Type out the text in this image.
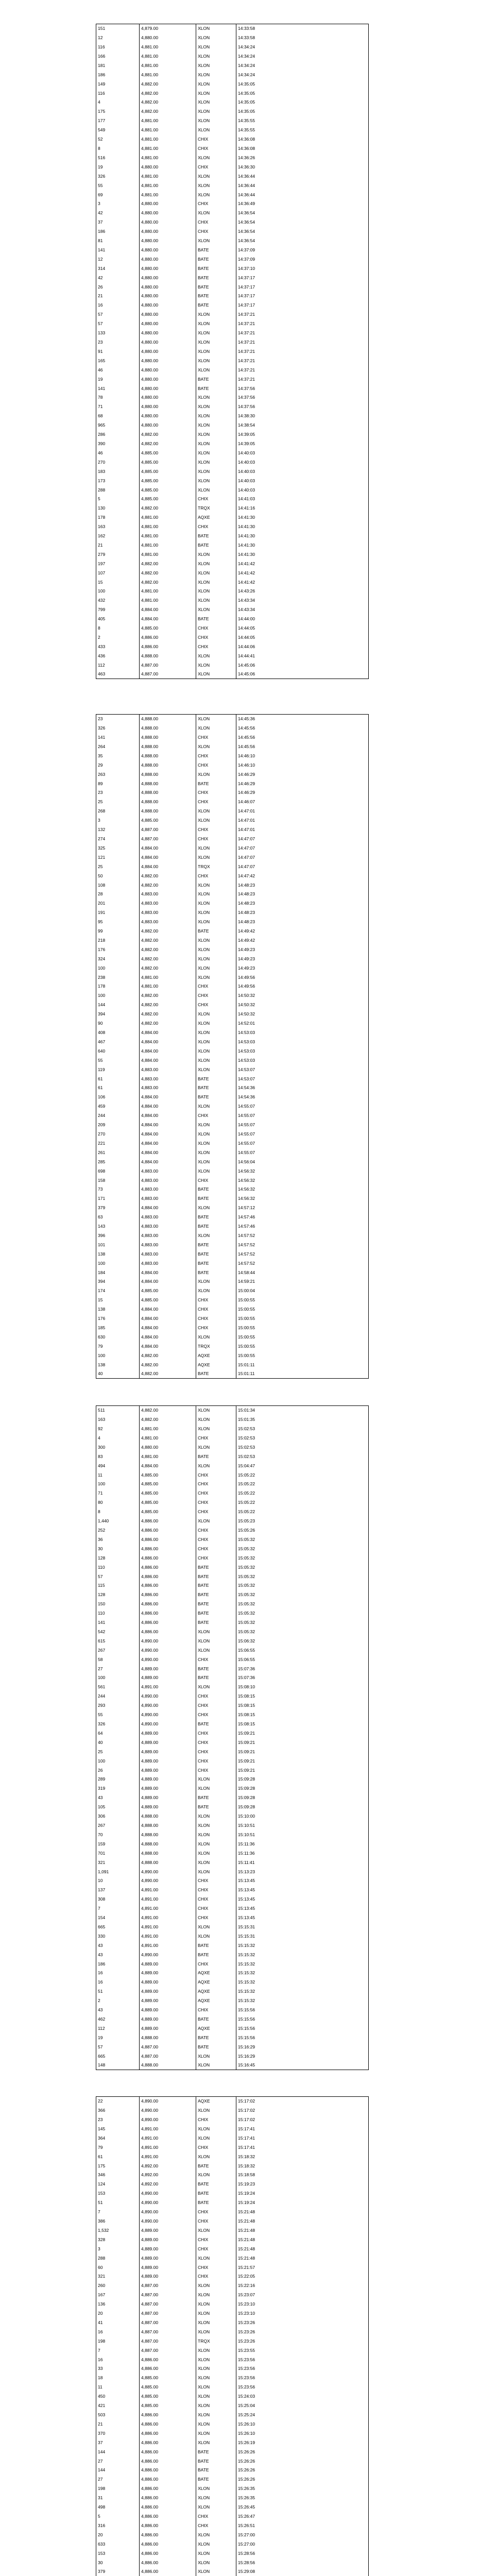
151	4,879.00	XLON	14:33:58
12	4,880.00	XLON	14:33:58
116	4,881.00	XLON	14:34:24
166	4,881.00	XLON	14:34:24
181	4,881.00	XLON	14:34:24
186	4,881.00	XLON	14:34:24
149	4,882.00	XLON	14:35:05
116	4,882.00	XLON	14:35:05
4	4,882.00	XLON	14:35:05
175	4,882.00	XLON	14:35:05
177	4,881.00	XLON	14:35:55
549	4,881.00	XLON	14:35:55
52	4,881.00	CHIX	14:36:08
8	4,881.00	CHIX	14:36:08
516	4,881.00	XLON	14:36:26
19	4,880.00	CHIX	14:36:30
326	4,881.00	XLON	14:36:44
55	4,881.00	XLON	14:36:44
69	4,881.00	XLON	14:36:44
3	4,880.00	CHIX	14:36:49
42	4,880.00	XLON	14:36:54
37	4,880.00	CHIX	14:36:54
186	4,880.00	CHIX	14:36:54
81	4,880.00	XLON	14:36:54
141	4,880.00	BATE	14:37:09
12	4,880.00	BATE	14:37:09
314	4,880.00	BATE	14:37:10
42	4,880.00	BATE	14:37:17
26	4,880.00	BATE	14:37:17
21	4,880.00	BATE	14:37:17
16	4,880.00	BATE	14:37:17
57	4,880.00	XLON	14:37:21
57	4,880.00	XLON	14:37:21
133	4,880.00	XLON	14:37:21
23	4,880.00	XLON	14:37:21
91	4,880.00	XLON	14:37:21
165	4,880.00	XLON	14:37:21
46	4,880.00	XLON	14:37:21
19	4,880.00	BATE	14:37:21
141	4,880.00	BATE	14:37:56
78	4,880.00	XLON	14:37:56
71	4,880.00	XLON	14:37:56
68	4,880.00	XLON	14:38:30
965	4,880.00	XLON	14:38:54
286	4,882.00	XLON	14:39:05
390	4,882.00	XLON	14:39:05
46	4,885.00	XLON	14:40:03
270	4,885.00	XLON	14:40:03
183	4,885.00	XLON	14:40:03
173	4,885.00	XLON	14:40:03
288	4,885.00	XLON	14:40:03
5	4,885.00	CHIX	14:41:03
130	4,882.00	TRQX	14:41:16
178	4,881.00	AQXE	14:41:30
163	4,881.00	CHIX	14:41:30
162	4,881.00	BATE	14:41:30
21	4,881.00	BATE	14:41:30
279	4,881.00	XLON	14:41:30
197	4,882.00	XLON	14:41:42
107	4,882.00	XLON	14:41:42
15	4,882.00	XLON	14:41:42
100	4,881.00	XLON	14:43:26
432	4,881.00	XLON	14:43:34
799	4,884.00	XLON	14:43:34
405	4,884.00	BATE	14:44:00
8	4,885.00	CHIX	14:44:05
2	4,886.00	CHIX	14:44:05
433	4,886.00	CHIX	14:44:06
436	4,888.00	XLON	14:44:41
112	4,887.00	XLON	14:45:06
463	4,887.00	XLON	14:45:06
23	4,888.00	XLON	14:45:36
326	4,888.00	XLON	14:45:56
141	4,888.00	CHIX	14:45:56
264	4,888.00	XLON	14:45:56
35	4,888.00	CHIX	14:46:10
29	4,888.00	CHIX	14:46:10
263	4,888.00	XLON	14:46:29
89	4,888.00	BATE	14:46:29
23	4,888.00	CHIX	14:46:29
25	4,888.00	CHIX	14:46:07
268	4,888.00	XLON	14:47:01
3	4,885.00	XLON	14:47:01
132	4,887.00	CHIX	14:47:01
274	4,887.00	CHIX	14:47:07
325	4,884.00	XLON	14:47:07
121	4,884.00	XLON	14:47:07
25	4,884.00	TRQX	14:47:07
50	4,882.00	CHIX	14:47:42
108	4,882.00	XLON	14:48:23
28	4,883.00	XLON	14:48:23
201	4,883.00	XLON	14:48:23
191	4,883.00	XLON	14:48:23
95	4,883.00	XLON	14:48:23
99	4,882.00	BATE	14:49:42
218	4,882.00	XLON	14:49:42
176	4,882.00	XLON	14:49:23
324	4,882.00	XLON	14:49:23
100	4,882.00	XLON	14:49:23
238	4,881.00	XLON	14:49:56
178	4,881.00	CHIX	14:49:56
100	4,882.00	CHIX	14:50:32
144	4,882.00	CHIX	14:50:32
394	4,882.00	XLON	14:50:32
90	4,882.00	XLON	14:52:01
408	4,884.00	XLON	14:53:03
467	4,884.00	XLON	14:53:03
640	4,884.00	XLON	14:53:03
55	4,884.00	XLON	14:53:03
119	4,883.00	XLON	14:53:07
61	4,883.00	BATE	14:53:07
61	4,883.00	BATE	14:54:36
106	4,884.00	BATE	14:54:36
459	4,884.00	XLON	14:55:07
244	4,884.00	CHIX	14:55:07
209	4,884.00	XLON	14:55:07
270	4,884.00	XLON	14:55:07
221	4,884.00	XLON	14:55:07
261	4,884.00	XLON	14:55:07
285	4,884.00	XLON	14:56:04
698	4,883.00	XLON	14:56:32
158	4,883.00	CHIX	14:56:32
73	4,883.00	BATE	14:56:32
171	4,883.00	BATE	14:56:32
379	4,884.00	XLON	14:57:12
63	4,883.00	BATE	14:57:46
143	4,883.00	BATE	14:57:46
396	4,883.00	XLON	14:57:52
101	4,883.00	BATE	14:57:52
138	4,883.00	BATE	14:57:52
100	4,883.00	BATE	14:57:52
184	4,884.00	BATE	14:58:44
394	4,884.00	XLON	14:59:21
174	4,885.00	XLON	15:00:04
15	4,885.00	CHIX	15:00:55
138	4,884.00	CHIX	15:00:55
176	4,884.00	CHIX	15:00:55
185	4,884.00	CHIX	15:00:55
630	4,884.00	XLON	15:00:55
79	4,884.00	TRQX	15:00:55
100	4,882.00	AQXE	15:00:55
138	4,882.00	AQXE	15:01:11
40	4,882.00	BATE	15:01:11
511	4,882.00	XLON	15:01:34
163	4,882.00	XLON	15:01:35
92	4,881.00	XLON	15:02:53
4	4,881.00	CHIX	15:02:53
300	4,880.00	XLON	15:02:53
83	4,881.00	BATE	15:02:53
494	4,884.00	XLON	15:04:47
11	4,885.00	CHIX	15:05:22
100	4,885.00	CHIX	15:05:22
71	4,885.00	CHIX	15:05:22
80	4,885.00	CHIX	15:05:22
8	4,885.00	CHIX	15:05:22
1,440	4,886.00	XLON	15:05:23
252	4,886.00	CHIX	15:05:26
36	4,886.00	CHIX	15:05:32
30	4,886.00	CHIX	15:05:32
128	4,886.00	CHIX	15:05:32
110	4,886.00	BATE	15:05:32
57	4,886.00	BATE	15:05:32
115	4,886.00	BATE	15:05:32
128	4,886.00	BATE	15:05:32
150	4,886.00	BATE	15:05:32
110	4,886.00	BATE	15:05:32
141	4,886.00	BATE	15:05:32
542	4,886.00	XLON	15:05:32
615	4,890.00	XLON	15:06:32
267	4,890.00	XLON	15:06:55
58	4,890.00	CHIX	15:06:55
27	4,889.00	BATE	15:07:36
100	4,889.00	BATE	15:07:36
561	4,891.00	XLON	15:08:10
244	4,890.00	CHIX	15:08:15
293	4,890.00	CHIX	15:08:15
55	4,890.00	CHIX	15:08:15
326	4,890.00	BATE	15:08:15
64	4,889.00	CHIX	15:09:21
40	4,889.00	CHIX	15:09:21
25	4,889.00	CHIX	15:09:21
100	4,889.00	CHIX	15:09:21
26	4,889.00	CHIX	15:09:21
289	4,889.00	XLON	15:09:28
319	4,889.00	XLON	15:09:28
43	4,889.00	BATE	15:09:28
105	4,889.00	BATE	15:09:28
306	4,888.00	XLON	15:10:00
267	4,888.00	XLON	15:10:51
70	4,888.00	XLON	15:10:51
159	4,888.00	XLON	15:11:36
701	4,888.00	XLON	15:11:36
321	4,888.00	XLON	15:11:41
1,091	4,890.00	XLON	15:13:23
10	4,890.00	CHIX	15:13:45
137	4,891.00	CHIX	15:13:45
308	4,891.00	CHIX	15:13:45
7	4,891.00	CHIX	15:13:45
154	4,891.00	CHIX	15:13:45
665	4,891.00	XLON	15:15:31
330	4,891.00	XLON	15:15:31
43	4,891.00	BATE	15:15:32
43	4,890.00	BATE	15:15:32
186	4,889.00	CHIX	15:15:32
16	4,889.00	AQXE	15:15:32
16	4,889.00	AQXE	15:15:32
51	4,889.00	AQXE	15:15:32
2	4,889.00	AQXE	15:15:32
43	4,889.00	CHIX	15:15:56
462	4,889.00	BATE	15:15:56
112	4,889.00	AQXE	15:15:56
19	4,888.00	BATE	15:15:56
57	4,887.00	BATE	15:16:29
665	4,887.00	XLON	15:16:29
148	4,888.00	XLON	15:16:45
22	4,890.00	AQXE	15:17:02
366	4,890.00	XLON	15:17:02
23	4,890.00	CHIX	15:17:02
145	4,891.00	XLON	15:17:41
364	4,891.00	XLON	15:17:41
79	4,891.00	CHIX	15:17:41
61	4,891.00	XLON	15:18:32
175	4,892.00	BATE	15:18:32
346	4,892.00	XLON	15:18:58
124	4,892.00	BATE	15:19:23
153	4,890.00	BATE	15:19:24
51	4,890.00	BATE	15:19:24
7	4,890.00	CHIX	15:21:48
386	4,890.00	CHIX	15:21:48
1,532	4,889.00	XLON	15:21:48
328	4,889.00	CHIX	15:21:48
3	4,889.00	CHIX	15:21:48
288	4,889.00	XLON	15:21:48
60	4,889.00	CHIX	15:21:57
321	4,889.00	CHIX	15:22:05
260	4,887.00	XLON	15:22:16
167	4,887.00	XLON	15:23:07
136	4,887.00	XLON	15:23:10
20	4,887.00	XLON	15:23:10
41	4,887.00	XLON	15:23:26
16	4,887.00	XLON	15:23:26
198	4,887.00	TRQX	15:23:26
7	4,887.00	XLON	15:23:55
16	4,886.00	XLON	15:23:56
33	4,886.00	XLON	15:23:56
18	4,885.00	XLON	15:23:56
11	4,885.00	XLON	15:23:56
450	4,885.00	XLON	15:24:03
421	4,885.00	XLON	15:25:04
503	4,886.00	XLON	15:25:24
21	4,886.00	XLON	15:26:10
370	4,886.00	XLON	15:26:10
37	4,886.00	XLON	15:26:19
144	4,886.00	BATE	15:26:26
27	4,886.00	BATE	15:26:26
144	4,886.00	BATE	15:26:26
27	4,886.00	BATE	15:26:26
198	4,886.00	XLON	15:26:35
31	4,886.00	XLON	15:26:35
498	4,886.00	XLON	15:26:45
5	4,886.00	CHIX	15:26:47
316	4,886.00	CHIX	15:26:51
20	4,886.00	XLON	15:27:00
633	4,886.00	XLON	15:27:00
153	4,886.00	XLON	15:28:56
30	4,886.00	XLON	15:28:56
379	4,886.00	XLON	15:29:08
